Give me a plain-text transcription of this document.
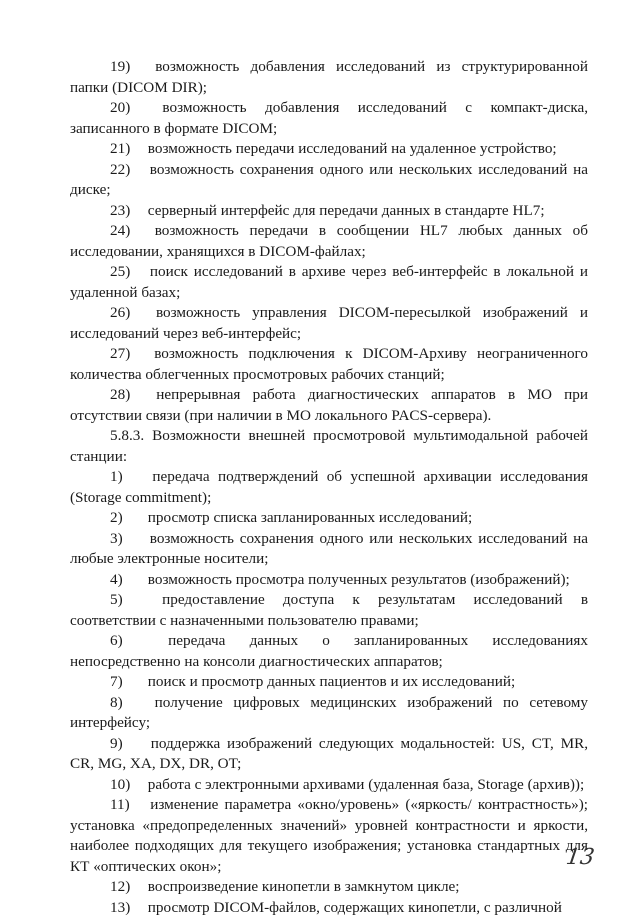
19) возможность добавления исследований из структурированной папки (DICOM DIR);

20) возможность добавления исследований с компакт-диска, записанного в формате DICOM;

21) возможность передачи исследований на удаленное устройство;

22) возможность сохранения одного или нескольких исследований на диске;

23) серверный интерфейс для передачи данных в стандарте HL7;

24) возможность передачи в сообщении HL7 любых данных об исследовании, хранящихся в DICOM-файлах;

25) поиск исследований в архиве через веб-интерфейс в локальной и удаленной базах;

26) возможность управления DICOM-пересылкой изображений и исследований через веб-интерфейс;

27) возможность подключения к DICOM-Архиву неограниченного количества облегченных просмотровых рабочих станций;

28) непрерывная работа диагностических аппаратов в МО при отсутствии связи (при наличии в МО локального PACS-сервера).

5.8.3. Возможности внешней просмотровой мультимодальной рабочей станции:

1) передача подтверждений об успешной архивации исследования (Storage commitment);

2) просмотр списка запланированных исследований;

3) возможность сохранения одного или нескольких исследований на любые электронные носители;

4) возможность просмотра полученных результатов (изображений);

5)	предоставление доступа к результатам исследований в соответствии с назначенными пользователю правами;

6)	передача данных о запланированных исследованиях непосредственно на консоли диагностических аппаратов;

7) поиск и просмотр данных пациентов и их исследований;

8) получение цифровых медицинских изображений по сетевому интерфейсу;

9) поддержка изображений следующих модальностей: US, CT, MR, CR, MG, XA, DX, DR, OT;

10) работа с электронными архивами (удаленная база, Storage (архив));

11) изменение параметра «окно/уровень» («яркость/ контрастность»); установка «предопределенных значений» уровней контрастности и яркости, наиболее подходящих для текущего изображения; установка стандартных для КТ «оптических окон»;

12) воспроизведение кинопетли в замкнутом цикле;

13) просмотр DICOM-файлов, содержащих кинопетли, с различной

13
